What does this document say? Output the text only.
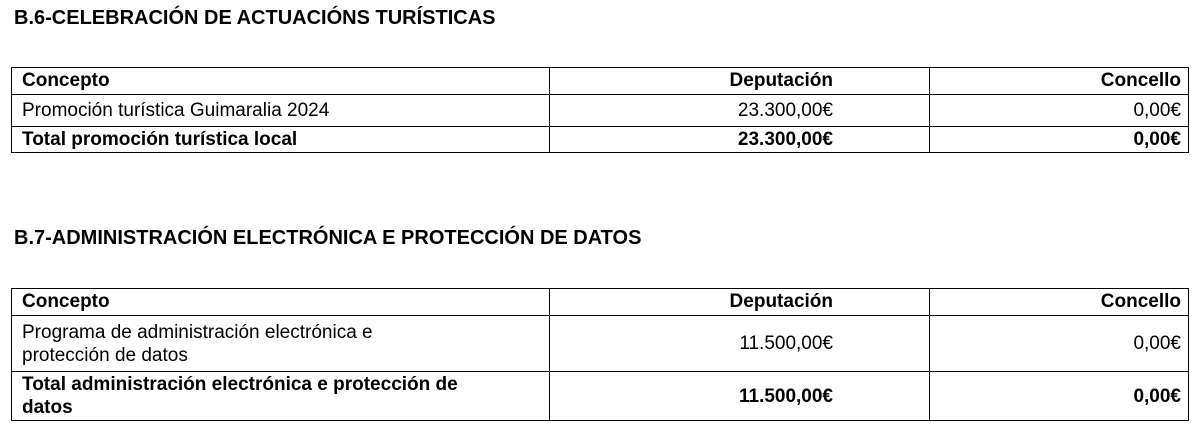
B.6-CELEBRACIÓN DE ACTUACIÓNS TURÍSTICAS
Concepto	Deputación	Concello
Promoción turística Guimaralia 2024	23.300,00€	0,00€
Total promoción turística local	23.300,00€	0,00€
B.7-ADMINISTRACIÓN ELECTRÓNICA E PROTECCIÓN DE DATOS
Concepto	Deputación	Concello
Programa de administración electrónica e
protección de datos	11.500,00€	0,00€
Total administración electrónica e protección de
datos	11.500,00€	0,00€
